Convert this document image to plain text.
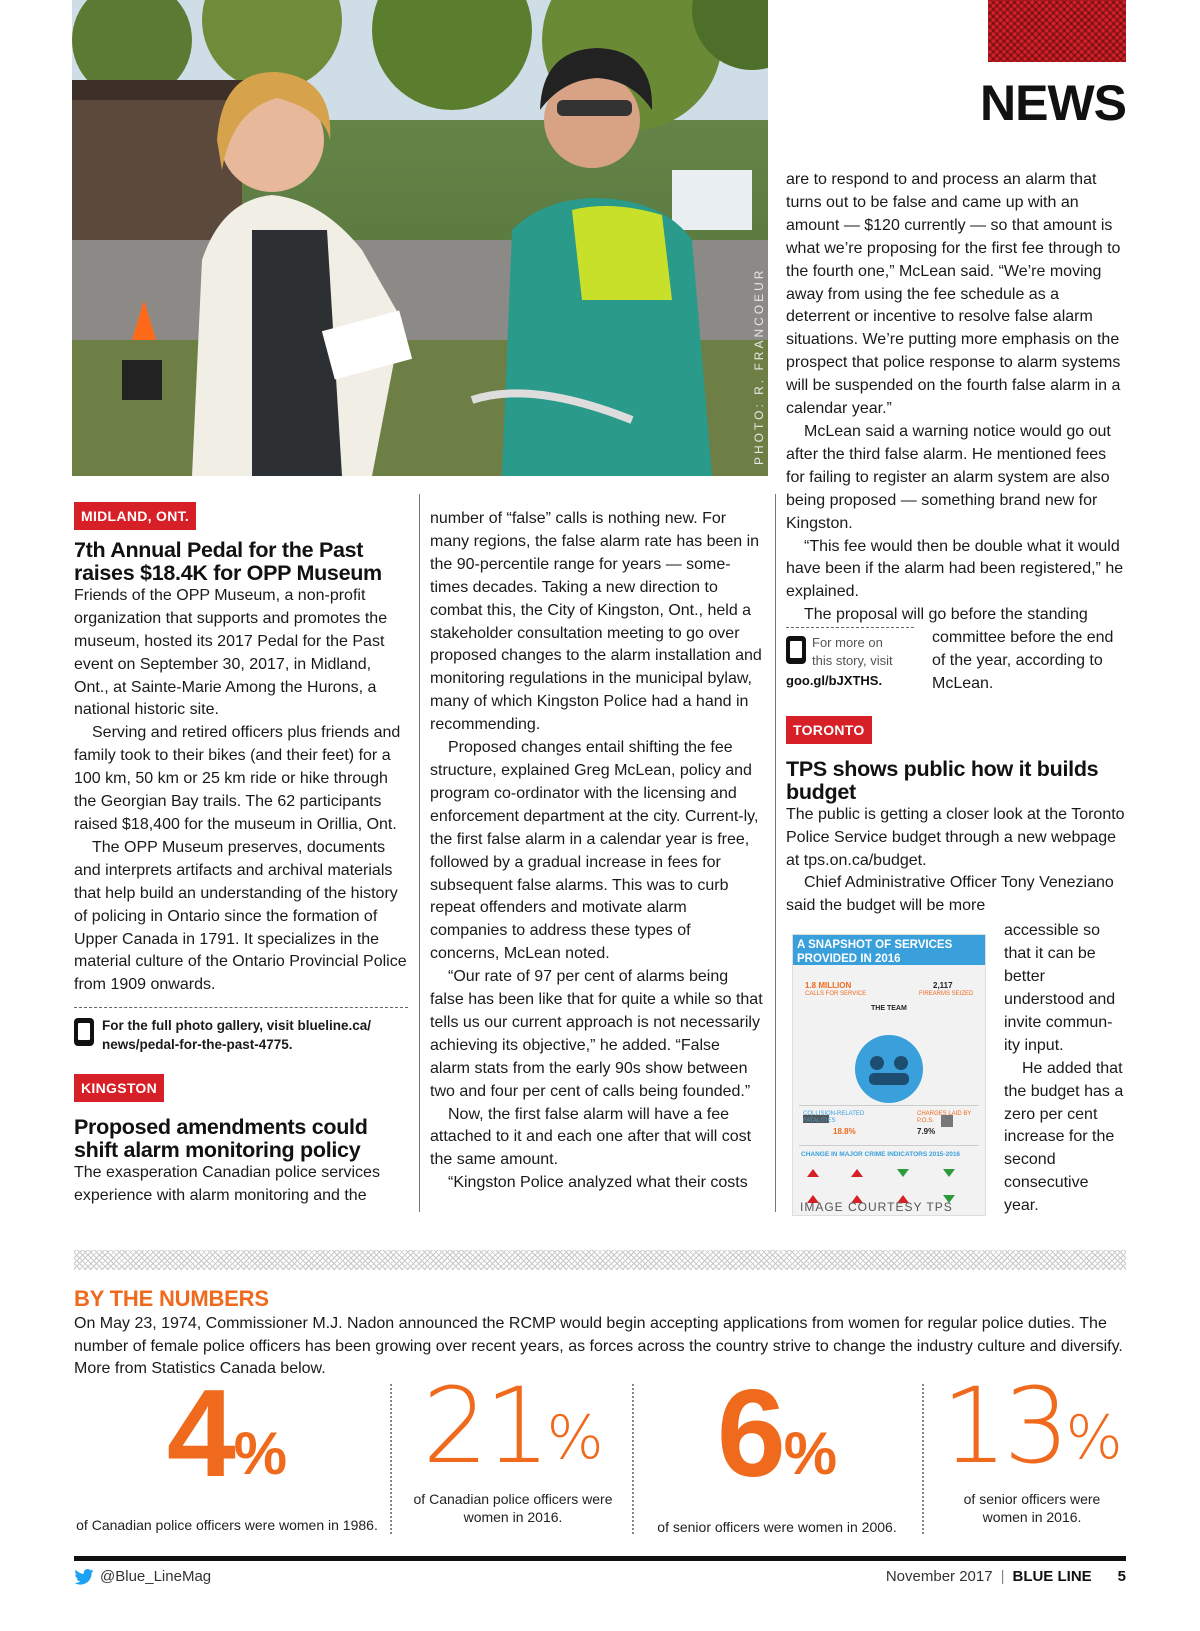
NEWS
PHOTO: R. FRANCOEUR
MIDLAND, ONT.
7th Annual Pedal for the Past raises $18.4K for OPP Museum

Friends of the OPP Museum, a non-profit organization that supports and promotes the museum, hosted its 2017 Pedal for the Past event on September 30, 2017, in Midland, Ont., at Sainte-Marie Among the Hurons, a national historic site.

Serving and retired officers plus friends and family took to their bikes (and their feet) for a 100 km, 50 km or 25 km ride or hike through the Georgian Bay trails. The 62 participants raised $18,400 for the museum in Orillia, Ont.

The OPP Museum preserves, documents and interprets artifacts and archival materials that help build an understanding of the history of policing in Ontario since the formation of Upper Canada in 1791. It specializes in the material culture of the Ontario Provincial Police from 1909 onwards.

For the full photo gallery, visit blueline.ca/ news/pedal-for-the-past-4775.
KINGSTON
Proposed amendments could shift alarm monitoring policy

The exasperation Canadian police services experience with alarm monitoring and the

number of “false” calls is nothing new. For many regions, the false alarm rate has been in the 90-percentile range for years — some-times decades. Taking a new direction to combat this, the City of Kingston, Ont., held a stakeholder consultation meeting to go over proposed changes to the alarm installation and monitoring regulations in the municipal bylaw, many of which Kingston Police had a hand in recommending.

Proposed changes entail shifting the fee structure, explained Greg McLean, policy and program co-ordinator with the licensing and enforcement department at the city. Current-ly, the first false alarm in a calendar year is free, followed by a gradual increase in fees for subsequent false alarms. This was to curb repeat offenders and motivate alarm companies to address these types of concerns, McLean noted.

“Our rate of 97 per cent of alarms being false has been like that for quite a while so that tells us our current approach is not necessarily achieving its objective,” he added. “False alarm stats from the early 90s show between two and four per cent of calls being founded.”

Now, the first false alarm will have a fee attached to it and each one after that will cost the same amount.

“Kingston Police analyzed what their costs

are to respond to and process an alarm that turns out to be false and came up with an amount — $120 currently — so that amount is what we’re proposing for the first fee through to the fourth one,” McLean said. “We’re moving away from using the fee schedule as a deterrent or incentive to resolve false alarm situations. We’re putting more emphasis on the prospect that police response to alarm systems will be suspended on the fourth false alarm in a calendar year.”

McLean said a warning notice would go out after the third false alarm. He mentioned fees for failing to register an alarm system are also being proposed — something brand new for Kingston.

“This fee would then be double what it would have been if the alarm had been registered,” he explained.

The proposal will go before the standing

For more on
this story, visit
goo.gl/bJXTHS.

committee before the end of the year, according to McLean.

TORONTO
TPS shows public how it builds budget

The public is getting a closer look at the Toronto Police Service budget through a new webpage at tps.on.ca/budget.

Chief Administrative Officer Tony Veneziano said the budget will be more

accessible so that it can be better understood and invite commun-ity input.

He added that the budget has a zero per cent increase for the second consecutive year.

A SNAPSHOT OF SERVICES PROVIDED IN 2016
1.8 MILLION
CALLS FOR SERVICE
2,117
FIREARMS SEIZED
THE TEAM
COLLISION-RELATED FATALITIES
18.8%
CHARGES LAID BY P.O.S.
7.9%
CHANGE IN MAJOR CRIME INDICATORS 2015-2016
IMAGE COURTESY TPS
BY THE NUMBERS
On May 23, 1974, Commissioner M.J. Nadon announced the RCMP would begin accepting applications from women for regular police duties. The number of female police officers has been growing over recent years, as forces across the country strive to change the industry culture and diversify. More from Statistics Canada below.
4 %
of Canadian police officers were women in 1986.
21 %
of Canadian police officers were women in 2016.
6 %
of senior officers were women in 2006.
13 %
of senior officers were women in 2016.
@Blue_LineMag	November 2017 | BLUE LINE 5
